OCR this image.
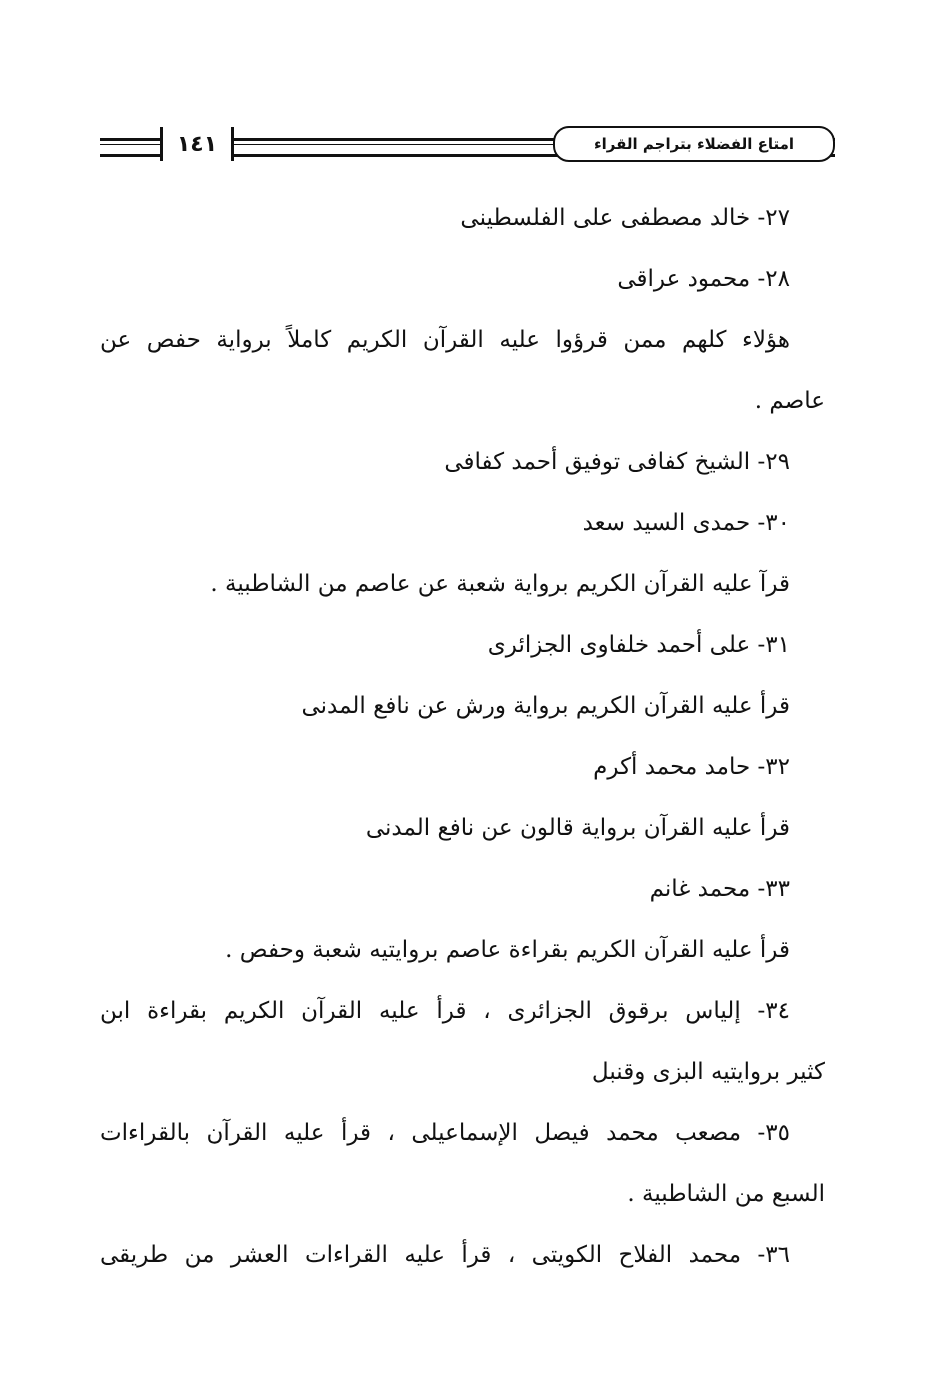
١٤١	امتاع الفضلاء بتراجم القراء
٢٧- خالد مصطفى على الفلسطينى
٢٨- محمود عراقى
هؤلاء كلهم ممن قرؤوا عليه القرآن الكريم كاملاً برواية حفص عن
عاصم .
٢٩- الشيخ كفافى توفيق أحمد كفافى
٣٠- حمدى السيد سعد
قرآ عليه القرآن الكريم برواية شعبة عن عاصم من الشاطبية .
٣١- على أحمد خلفاوى الجزائرى
قرأ عليه القرآن الكريم برواية ورش عن نافع المدنى
٣٢- حامد محمد أكرم
قرأ عليه القرآن برواية قالون عن نافع المدنى
٣٣- محمد غانم
قرأ عليه القرآن الكريم بقراءة عاصم بروايتيه شعبة وحفص .
٣٤- إلياس برقوق الجزائرى ، قرأ عليه القرآن الكريم بقراءة ابن
كثير بروايتيه البزى وقنبل
٣٥- مصعب محمد فيصل الإسماعيلى ، قرأ عليه القرآن بالقراءات
السبع من الشاطبية .
٣٦- محمد الفلاح الكويتى ، قرأ عليه القراءات العشر من طريقى
